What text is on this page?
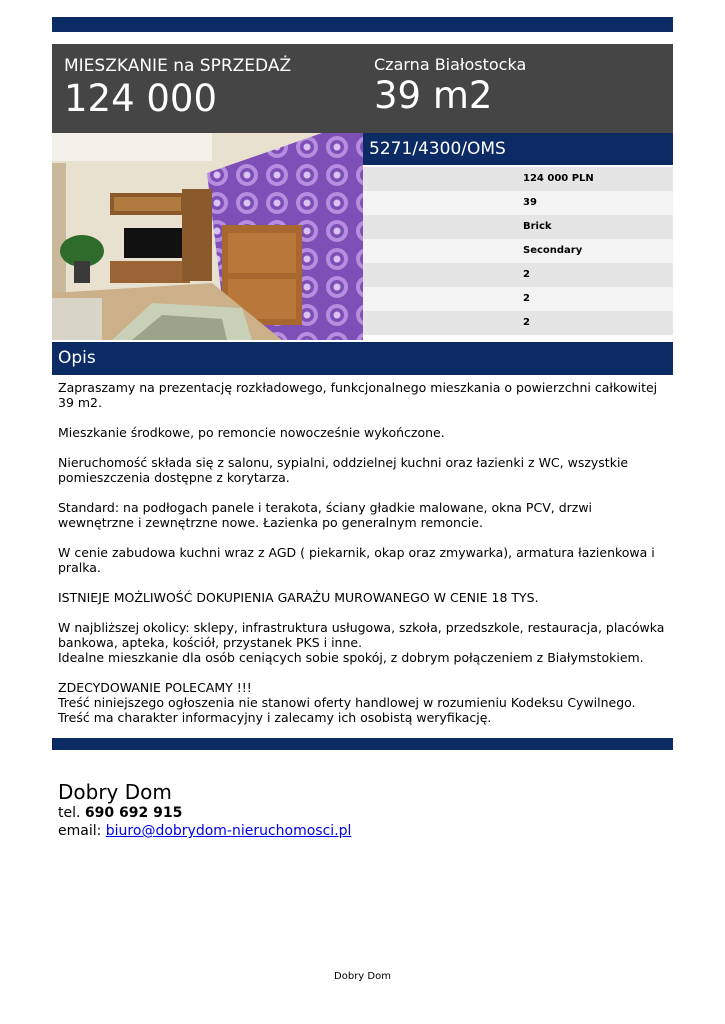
MIESZKANIE na SPRZEDAŻ
124 000
Czarna Białostocka
39 m2
5271/4300/OMS
124 000 PLN
39
Brick
Secondary
2
2
2
Opis

Zapraszamy na prezentację rozkładowego, funkcjonalnego mieszkania o powierzchni całkowitej 39 m2.

Mieszkanie środkowe, po remoncie nowocześnie wykończone.

Nieruchomość składa się z salonu, sypialni, oddzielnej kuchni oraz łazienki z WC, wszystkie pomieszczenia dostępne z korytarza.

Standard: na podłogach panele i terakota, ściany gładkie malowane, okna PCV, drzwi wewnętrzne i zewnętrzne nowe. Łazienka po generalnym remoncie.

W cenie zabudowa kuchni wraz z AGD ( piekarnik, okap oraz zmywarka), armatura łazienkowa i pralka.

ISTNIEJE MOŻLIWOŚĆ DOKUPIENIA GARAŻU MUROWANEGO W CENIE 18 TYS.

W najbliższej okolicy: sklepy, infrastruktura usługowa, szkoła, przedszkole, restauracja, placówka bankowa, apteka, kościół, przystanek PKS i inne.
Idealne mieszkanie dla osób ceniących sobie spokój, z dobrym połączeniem z Białymstokiem.

ZDECYDOWANIE POLECAMY !!!
Treść niniejszego ogłoszenia nie stanowi oferty handlowej w rozumieniu Kodeksu Cywilnego. Treść ma charakter informacyjny i zalecamy ich osobistą weryfikację.

Dobry Dom
tel. 690 692 915
email: biuro@dobrydom-nieruchomosci.pl
Dobry Dom
